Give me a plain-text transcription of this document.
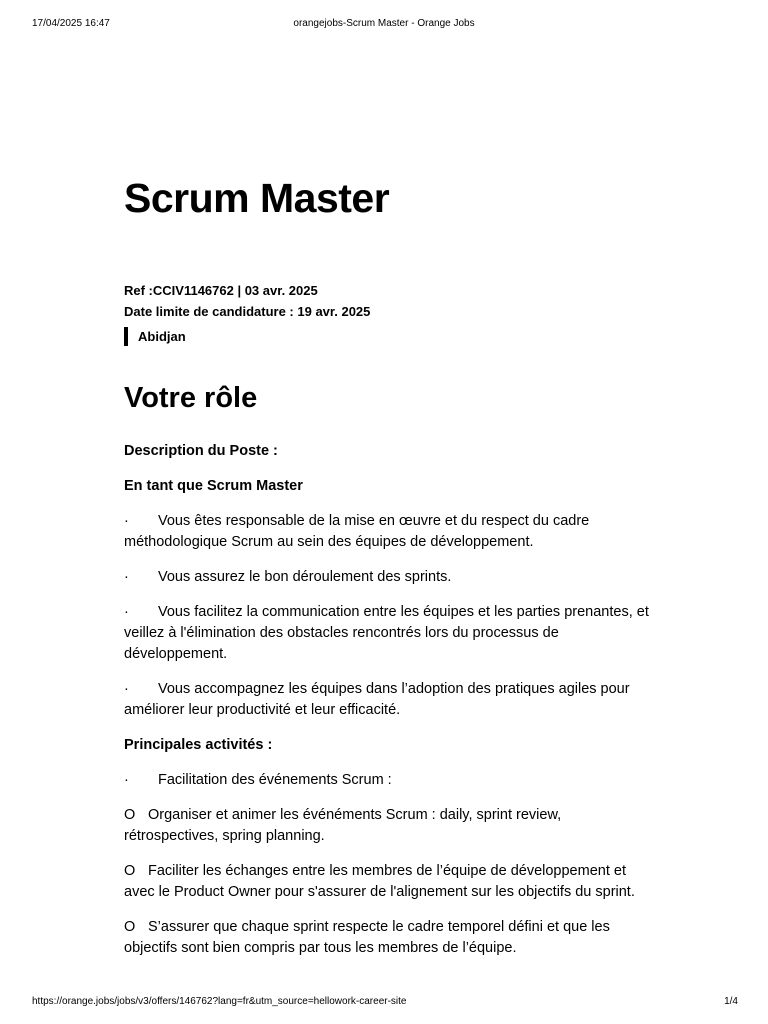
17/04/2025 16:47	orangejobs-Scrum Master - Orange Jobs
Scrum Master
Ref :CCIV1146762 | 03 avr. 2025
Date limite de candidature : 19 avr. 2025
Abidjan
Votre rôle

Description du Poste :

En tant que Scrum Master

· Vous êtes responsable de la mise en œuvre et du respect du cadre méthodologique Scrum au sein des équipes de développement.

· Vous assurez le bon déroulement des sprints.

· Vous facilitez la communication entre les équipes et les parties prenantes, et veillez à l'élimination des obstacles rencontrés lors du processus de développement.

· Vous accompagnez les équipes dans l’adoption des pratiques agiles pour améliorer leur productivité et leur efficacité.

Principales activités :

· Facilitation des événements Scrum :

O Organiser et animer les événéments Scrum : daily, sprint review, rétrospectives, spring planning.

O Faciliter les échanges entre les membres de l’équipe de développement et avec le Product Owner pour s'assurer de l'alignement sur les objectifs du sprint.

O S’assurer que chaque sprint respecte le cadre temporel défini et que les objectifs sont bien compris par tous les membres de l’équipe.

https://orange.jobs/jobs/v3/offers/146762?lang=fr&utm_source=hellowork-career-site	1/4
